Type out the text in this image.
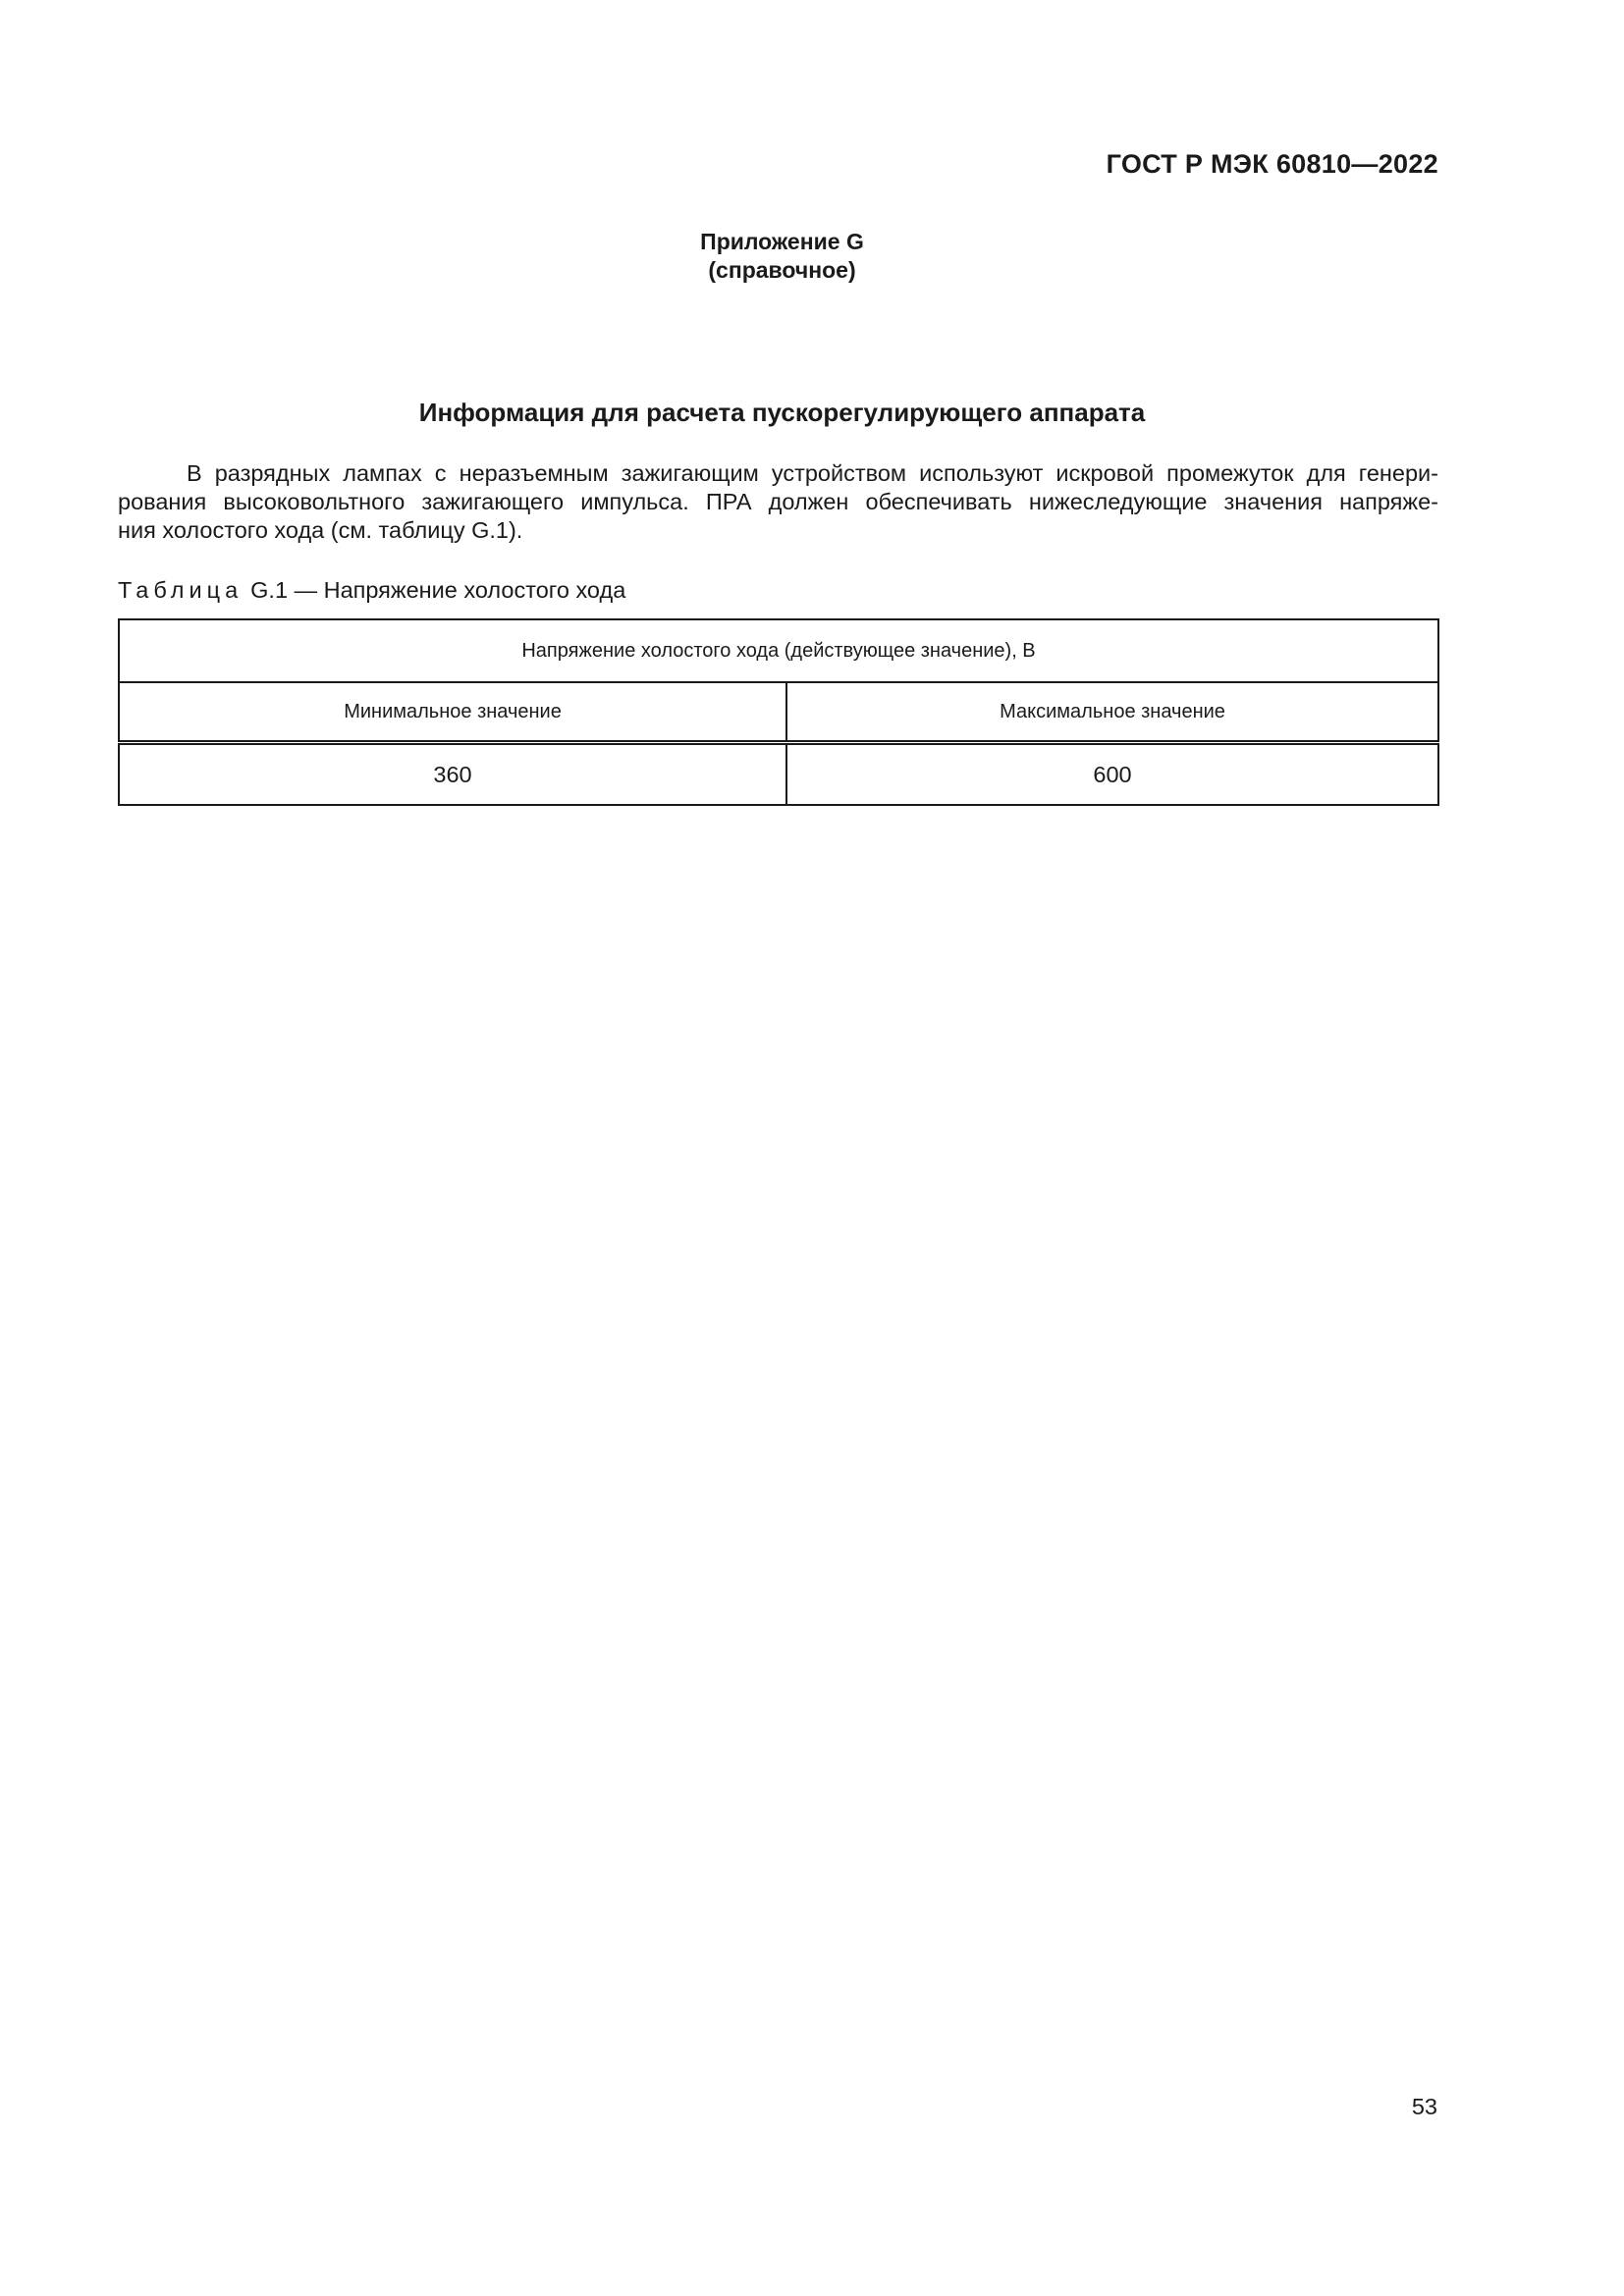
ГОСТ Р МЭК 60810—2022
Приложение G
(справочное)
Информация для расчета пускорегулирующего аппарата
В разрядных лампах с неразъемным зажигающим устройством используют искровой промежуток для генери-
рования высоковольтного зажигающего импульса. ПРА должен обеспечивать нижеследующие значения напряже-
ния холостого хода (см. таблицу G.1).
Таблица G.1 — Напряжение холостого хода
Напряжение холостого хода (действующее значение), В	
Минимальное значение	Максимальное значение
360	600
53
